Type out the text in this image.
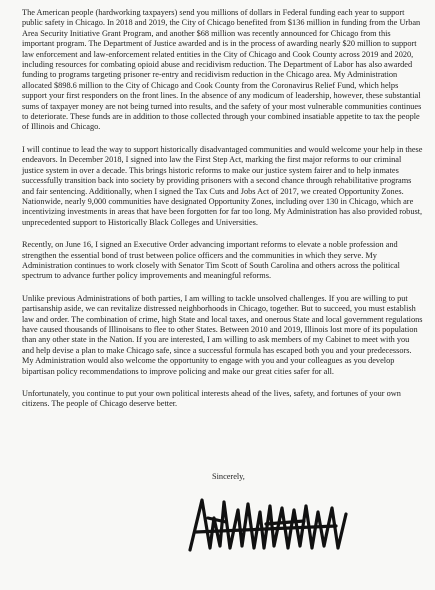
The American people (hardworking taxpayers) send you millions of dollars in Federal funding each year to support public safety in Chicago. In 2018 and 2019, the City of Chicago benefited from $136 million in funding from the Urban Area Security Initiative Grant Program, and another $68 million was recently announced for Chicago from this important program. The Department of Justice awarded and is in the process of awarding nearly $20 million to support law enforcement and law-enforcement related entities in the City of Chicago and Cook County across 2019 and 2020, including resources for combating opioid abuse and recidivism reduction. The Department of Labor has also awarded funding to programs targeting prisoner re-entry and recidivism reduction in the Chicago area. My Administration allocated $898.6 million to the City of Chicago and Cook County from the Coronavirus Relief Fund, which helps support your first responders on the front lines. In the absence of any modicum of leadership, however, these substantial sums of taxpayer money are not being turned into results, and the safety of your most vulnerable communities continues to deteriorate. These funds are in addition to those collected through your combined insatiable appetite to tax the people of Illinois and Chicago.

I will continue to lead the way to support historically disadvantaged communities and would welcome your help in these endeavors. In December 2018, I signed into law the First Step Act, marking the first major reforms to our criminal justice system in over a decade. This brings historic reforms to make our justice system fairer and to help inmates successfully transition back into society by providing prisoners with a second chance through rehabilitative programs and fair sentencing. Additionally, when I signed the Tax Cuts and Jobs Act of 2017, we created Opportunity Zones. Nationwide, nearly 9,000 communities have designated Opportunity Zones, including over 130 in Chicago, which are incentivizing investments in areas that have been forgotten for far too long. My Administration has also provided robust, unprecedented support to Historically Black Colleges and Universities.

Recently, on June 16, I signed an Executive Order advancing important reforms to elevate a noble profession and strengthen the essential bond of trust between police officers and the communities in which they serve. My Administration continues to work closely with Senator Tim Scott of South Carolina and others across the political spectrum to advance further policy improvements and meaningful reforms.

Unlike previous Administrations of both parties, I am willing to tackle unsolved challenges. If you are willing to put partisanship aside, we can revitalize distressed neighborhoods in Chicago, together. But to succeed, you must establish law and order. The combination of crime, high State and local taxes, and onerous State and local government regulations have caused thousands of Illinoisans to flee to other States. Between 2010 and 2019, Illinois lost more of its population than any other state in the Nation. If you are interested, I am willing to ask members of my Cabinet to meet with you and help devise a plan to make Chicago safe, since a successful formula has escaped both you and your predecessors. My Administration would also welcome the opportunity to engage with you and your colleagues as you develop bipartisan policy recommendations to improve policing and make our great cities safer for all.

Unfortunately, you continue to put your own political interests ahead of the lives, safety, and fortunes of your own citizens. The people of Chicago deserve better.

Sincerely,
